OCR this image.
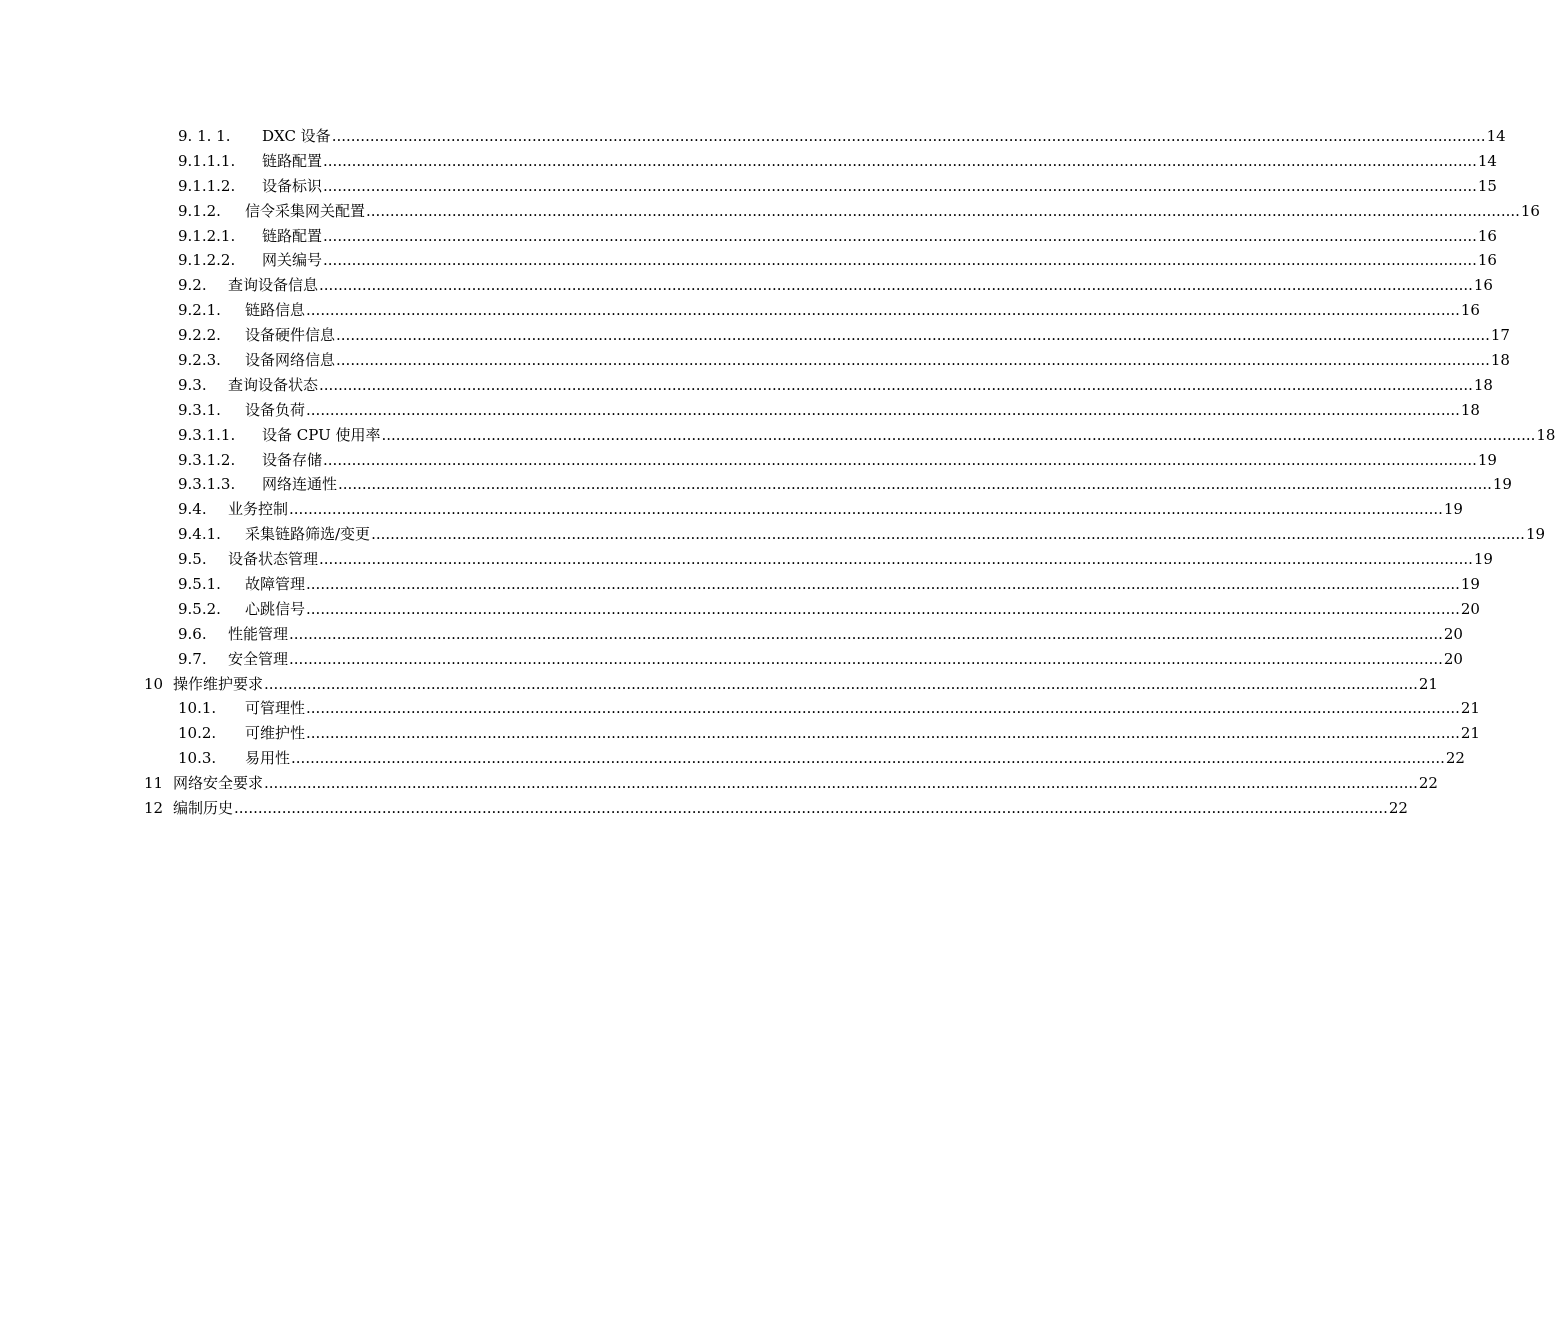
9. 1. 1.	DXC 设备 .....	14
9.1.1.1.	链路配置 .....	14
9.1.1.2.	设备标识 .....	15
9.1.2.	信令采集网关配置 .....	16
9.1.2.1.	链路配置 .....	16
9.1.2.2.	网关编号 .....	16
9.2.	查询设备信息 .....	16
9.2.1.	链路信息 .....	16
9.2.2.	设备硬件信息 .....	17
9.2.3.	设备网络信息 .....	18
9.3.	查询设备状态 .....	18
9.3.1.	设备负荷 .....	18
9.3.1.1.	设备 CPU 使用率 .....	18
9.3.1.2.	设备存储 .....	19
9.3.1.3.	网络连通性 .....	19
9.4.	业务控制 .....	19
9.4.1.	采集链路筛选/变更 .....	19
9.5.	设备状态管理 .....	19
9.5.1.	故障管理 .....	19
9.5.2.	心跳信号 .....	20
9.6.	性能管理 .....	20
9.7.	安全管理 .....	20
10 操作维护要求 .....	21
10.1.	可管理性 .....	21
10.2.	可维护性 .....	21
10.3.	易用性 .....	22
11 网络安全要求 .....	22
12 编制历史 .....	22
